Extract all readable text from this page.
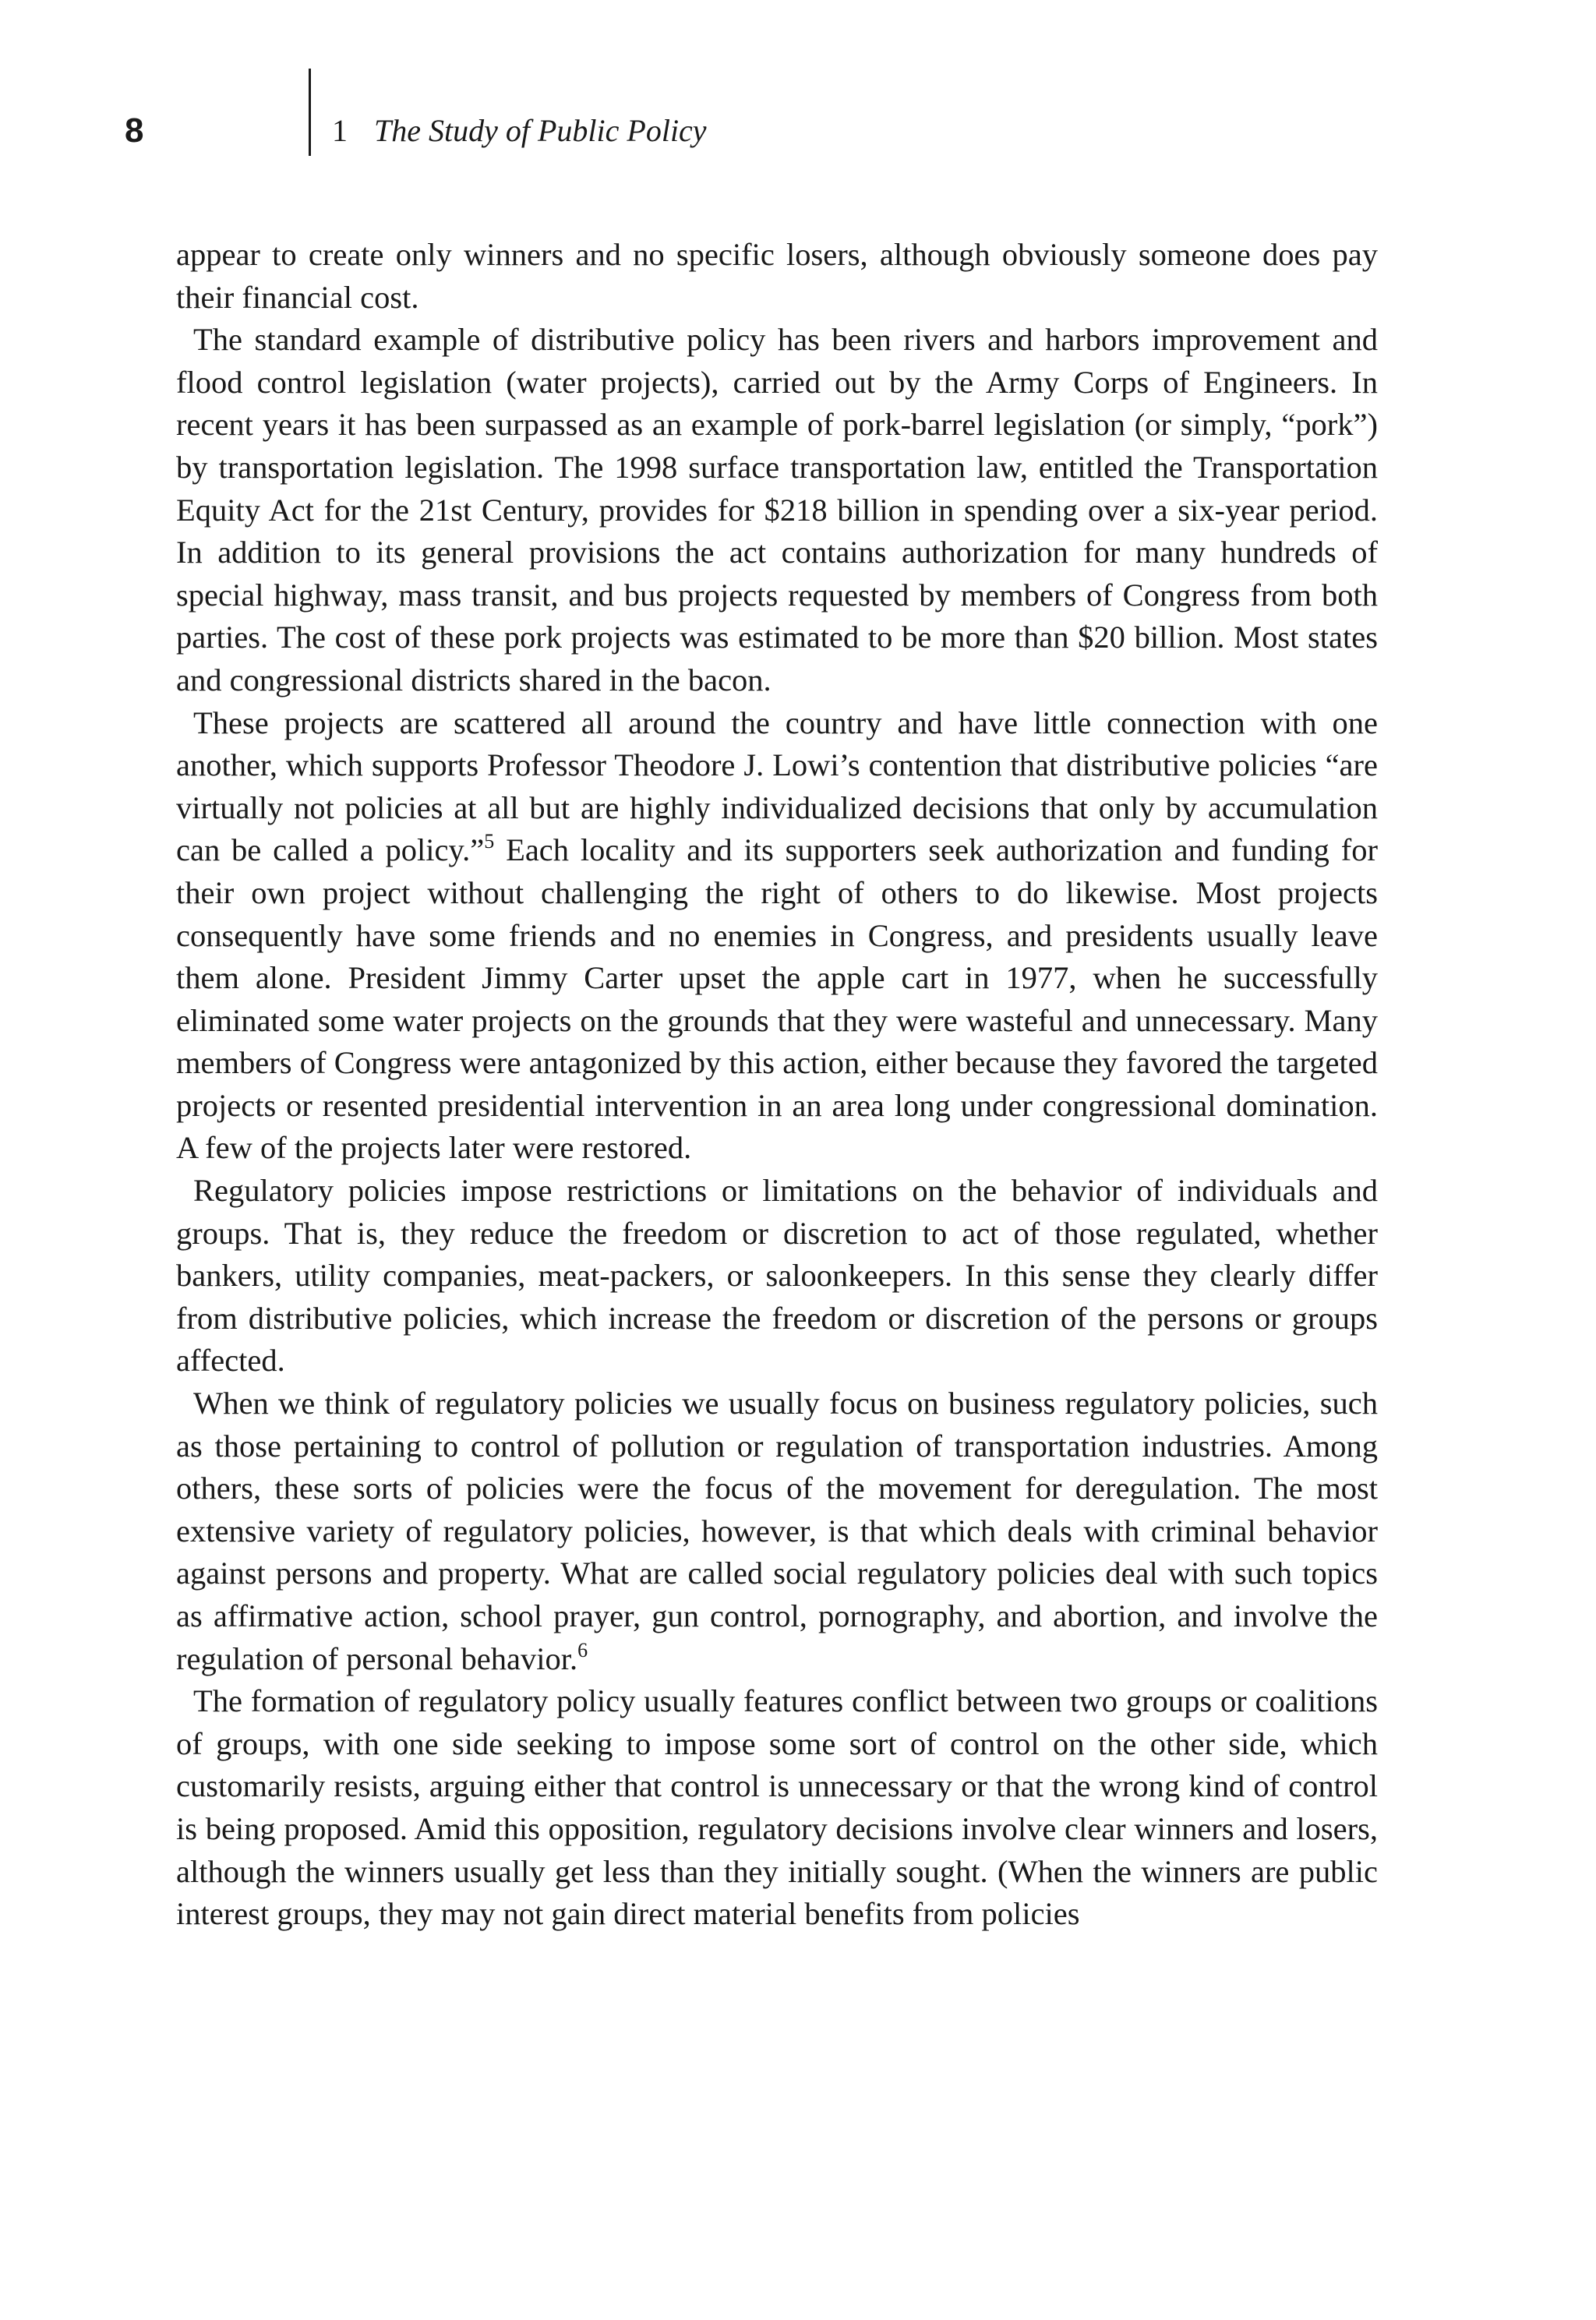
8	1 The Study of Public Policy

appear to create only winners and no specific losers, although obviously someone does pay their financial cost.

The standard example of distributive policy has been rivers and harbors improvement and flood control legislation (water projects), carried out by the Army Corps of Engineers. In recent years it has been surpassed as an example of pork-barrel legislation (or simply, “pork”) by transportation legislation. The 1998 surface transportation law, entitled the Transportation Equity Act for the 21st Century, provides for $218 billion in spending over a six-year period. In addition to its general provisions the act contains authorization for many hundreds of special highway, mass transit, and bus projects requested by members of Congress from both parties. The cost of these pork projects was estimated to be more than $20 billion. Most states and congressional districts shared in the bacon.

These projects are scattered all around the country and have little connection with one another, which supports Professor Theodore J. Lowi’s contention that distributive policies “are virtually not policies at all but are highly individualized decisions that only by accumulation can be called a policy.”$^5$ Each locality and its supporters seek authorization and funding for their own project without challenging the right of others to do likewise. Most projects consequently have some friends and no enemies in Congress, and presidents usually leave them alone. President Jimmy Carter upset the apple cart in 1977, when he successfully eliminated some water projects on the grounds that they were wasteful and unnecessary. Many members of Congress were antagonized by this action, either because they favored the targeted projects or resented presidential intervention in an area long under congressional domination. A few of the projects later were restored.

Regulatory policies impose restrictions or limitations on the behavior of individuals and groups. That is, they reduce the freedom or discretion to act of those regulated, whether bankers, utility companies, meat-packers, or saloonkeepers. In this sense they clearly differ from distributive policies, which increase the freedom or discretion of the persons or groups affected.

When we think of regulatory policies we usually focus on business regulatory policies, such as those pertaining to control of pollution or regulation of transportation industries. Among others, these sorts of policies were the focus of the movement for deregulation. The most extensive variety of regulatory policies, however, is that which deals with criminal behavior against persons and property. What are called social regulatory policies deal with such topics as affirmative action, school prayer, gun control, pornography, and abortion, and involve the regulation of personal behavior.$^6$

The formation of regulatory policy usually features conflict between two groups or coalitions of groups, with one side seeking to impose some sort of control on the other side, which customarily resists, arguing either that control is unnecessary or that the wrong kind of control is being proposed. Amid this opposition, regulatory decisions involve clear winners and losers, although the winners usually get less than they initially sought. (When the winners are public interest groups, they may not gain direct material benefits from policies
